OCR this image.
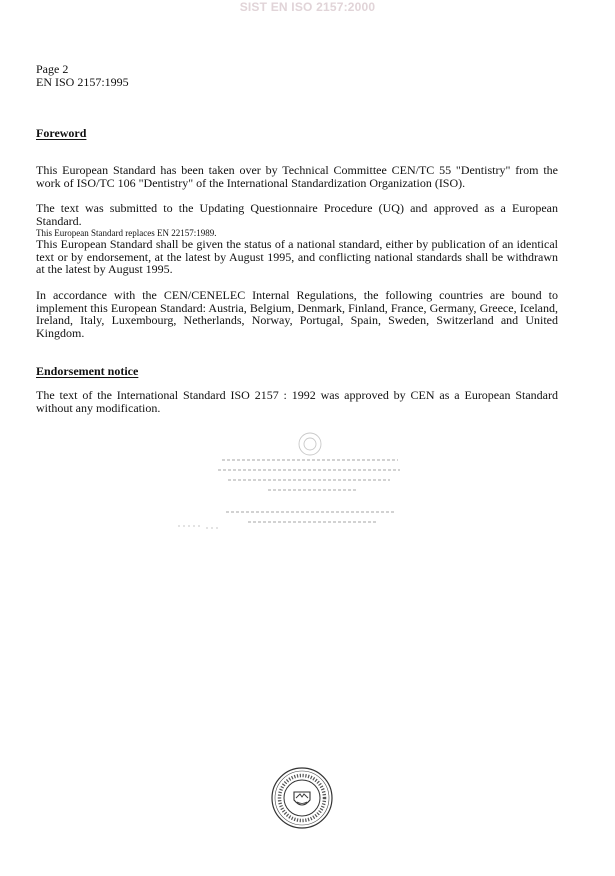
SIST EN ISO 2157:2000
Page 2
EN ISO 2157:1995
Foreword

This European Standard has been taken over by Technical Committee CEN/TC 55 "Dentistry" from the work of ISO/TC 106 "Dentistry" of the International Standardization Organization (ISO).

The text was submitted to the Updating Questionnaire Procedure (UQ) and approved as a European Standard.

This European Standard replaces EN 22157:1989.

This European Standard shall be given the status of a national standard, either by publication of an identical text or by endorsement, at the latest by August 1995, and conflicting national standards shall be withdrawn at the latest by August 1995.

In accordance with the CEN/CENELEC Internal Regulations, the following countries are bound to implement this European Standard: Austria, Belgium, Denmark, Finland, France, Germany, Greece, Iceland, Ireland, Italy, Luxembourg, Netherlands, Norway, Portugal, Spain, Sweden, Switzerland and United Kingdom.

Endorsement notice

The text of the International Standard ISO 2157 : 1992 was approved by CEN as a European Standard without any modification.
